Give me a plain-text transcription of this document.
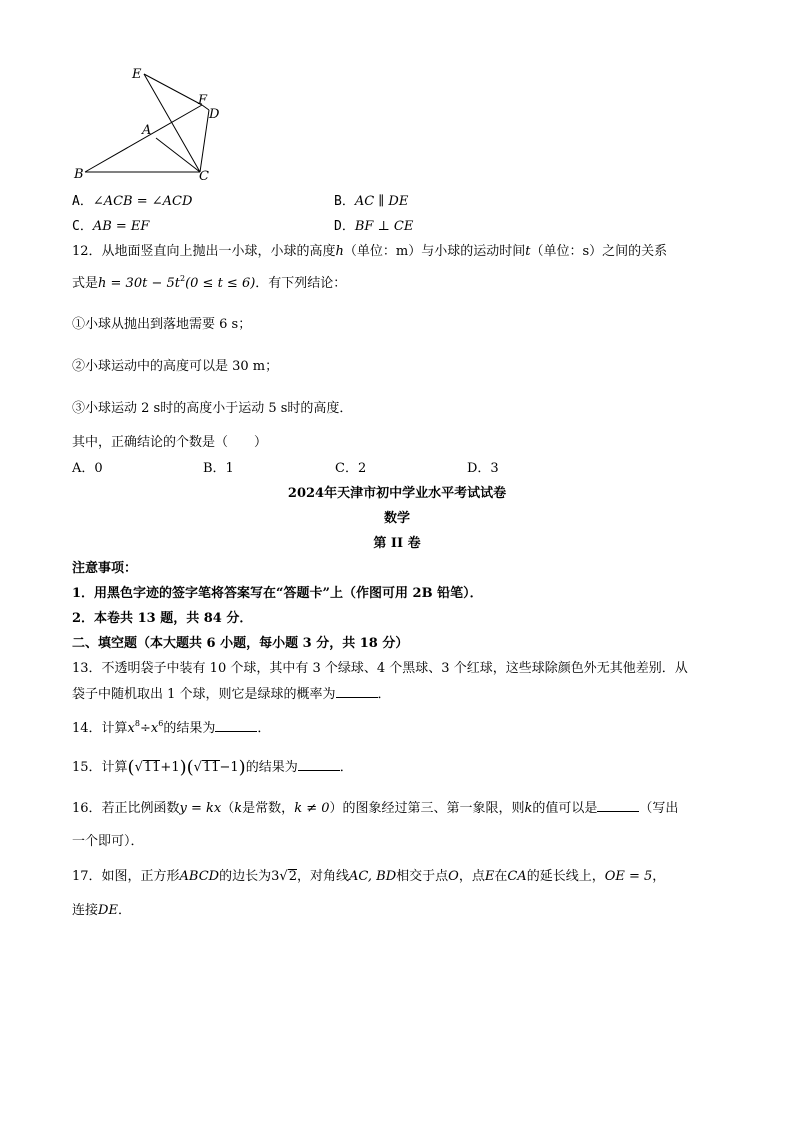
E
F
D
A
B	C
A．∠ACB = ∠ACD	B．AC ∥ DE
C．AB = EF	D．BF ⊥ CE
12．从地面竖直向上抛出一小球，小球的高度h（单位：m）与小球的运动时间t（单位：s）之间的关系
式是$h = 30t - 5t^2(0 \le t \le 6)$．有下列结论：
①小球从抛出到落地需要 6 s；
②小球运动中的高度可以是 30 m；
③小球运动 2 s时的高度小于运动 5 s时的高度．
其中，正确结论的个数是（　　）
A．0	B．1	C．2	D．3
2024年天津市初中学业水平考试试卷
数学
第 II 卷
注意事项：
1．用黑色字迹的签字笔将答案写在“答题卡”上（作图可用 2B 铅笔）．
2．本卷共 13 题，共 84 分．
二、填空题（本大题共 6 小题，每小题 3 分，共 18 分）
13．不透明袋子中装有 10 个球，其中有 3 个绿球、4 个黑球、3 个红球，这些球除颜色外无其他差别．从
袋子中随机取出 1 个球，则它是绿球的概率为	．
14．计算$x^8\div x^6$的结果为	．
15．计算(√11+1)(√11−1)的结果为	．
16．若正比例函数y = kx（k是常数，k ≠ 0）的图象经过第三、第一象限，则k的值可以是	（写出
一个即可）．
17．如图，正方形ABCD的边长为3√2，对角线AC, BD相交于点O，点E在CA的延长线上，OE = 5，
连接DE．
